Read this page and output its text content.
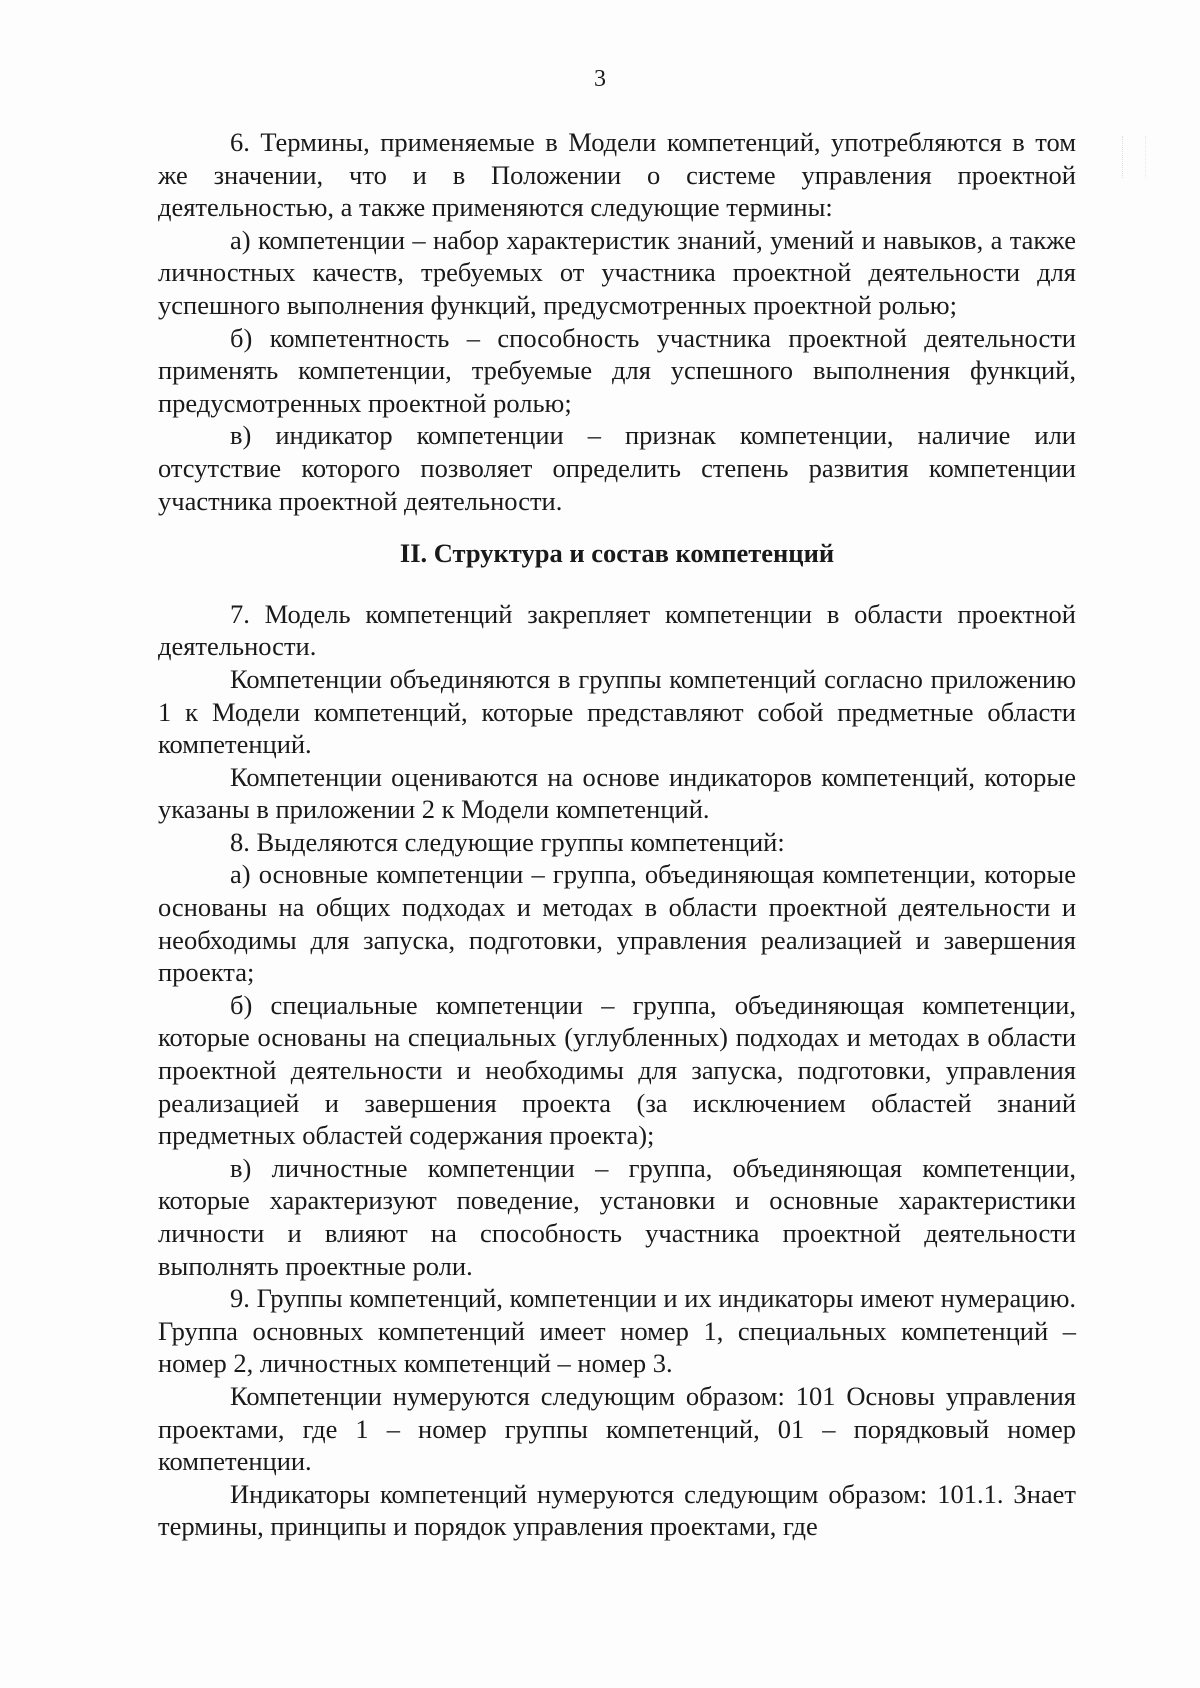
3

6. Термины, применяемые в Модели компетенций, употребляются в том же значении, что и в Положении о системе управления проектной деятельностью, а также применяются следующие термины:

а) компетенции – набор характеристик знаний, умений и навыков, а также личностных качеств, требуемых от участника проектной деятельности для успешного выполнения функций, предусмотренных проектной ролью;

б) компетентность – способность участника проектной деятельности применять компетенции, требуемые для успешного выполнения функций, предусмотренных проектной ролью;

в) индикатор компетенции – признак компетенции, наличие или отсутствие которого позволяет определить степень развития компетенции участника проектной деятельности.

II. Структура и состав компетенций

7. Модель компетенций закрепляет компетенции в области проектной деятельности.

Компетенции объединяются в группы компетенций согласно приложению 1 к Модели компетенций, которые представляют собой предметные области компетенций.

Компетенции оцениваются на основе индикаторов компетенций, которые указаны в приложении 2 к Модели компетенций.

8. Выделяются следующие группы компетенций:

а) основные компетенции – группа, объединяющая компетенции, которые основаны на общих подходах и методах в области проектной деятельности и необходимы для запуска, подготовки, управления реализацией и завершения проекта;

б) специальные компетенции – группа, объединяющая компетенции, которые основаны на специальных (углубленных) подходах и методах в области проектной деятельности и необходимы для запуска, подготовки, управления реализацией и завершения проекта (за исключением областей знаний предметных областей содержания проекта);

в) личностные компетенции – группа, объединяющая компетенции, которые характеризуют поведение, установки и основные характеристики личности и влияют на способность участника проектной деятельности выполнять проектные роли.

9. Группы компетенций, компетенции и их индикаторы имеют нумерацию. Группа основных компетенций имеет номер 1, специальных компетенций – номер 2, личностных компетенций – номер 3.

Компетенции нумеруются следующим образом: 101 Основы управления проектами, где 1 – номер группы компетенций, 01 – порядковый номер компетенции.

Индикаторы компетенций нумеруются следующим образом: 101.1. Знает термины, принципы и порядок управления проектами, где
